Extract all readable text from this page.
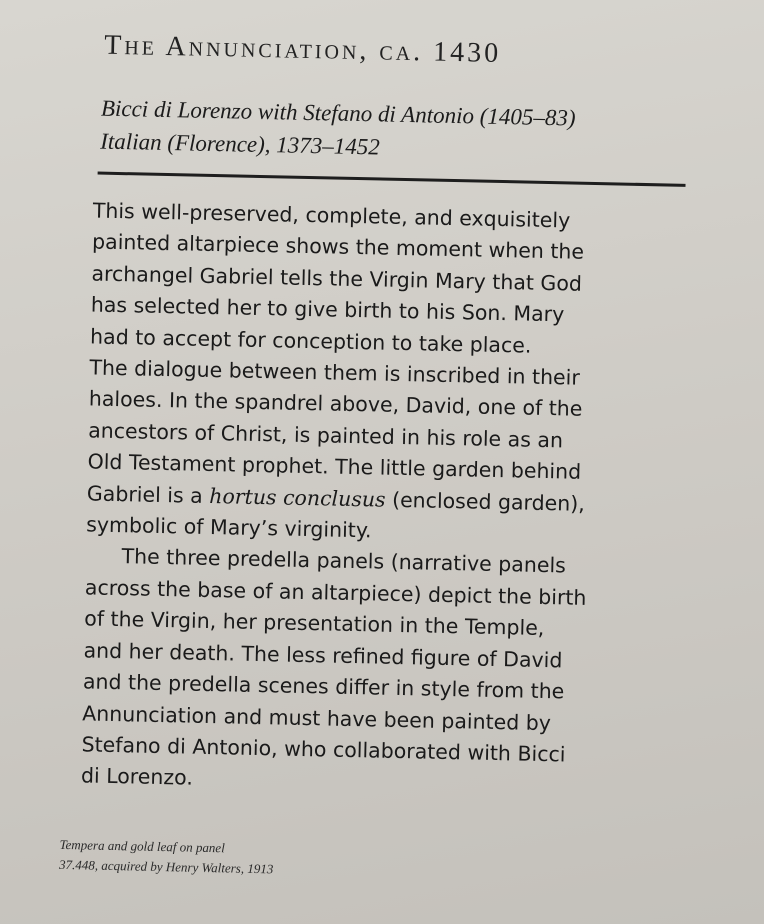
The Annunciation, ca. 1430
Bicci di Lorenzo with Stefano di Antonio (1405–83)
Italian (Florence), 1373–1452
This well-preserved, complete, and exquisitely
painted altarpiece shows the moment when the
archangel Gabriel tells the Virgin Mary that God
has selected her to give birth to his Son. Mary
had to accept for conception to take place.
The dialogue between them is inscribed in their
haloes. In the spandrel above, David, one of the
ancestors of Christ, is painted in his role as an
Old Testament prophet. The little garden behind
Gabriel is a hortus conclusus (enclosed garden),
symbolic of Mary’s virginity.
The three predella panels (narrative panels
across the base of an altarpiece) depict the birth
of the Virgin, her presentation in the Temple,
and her death. The less refined figure of David
and the predella scenes differ in style from the
Annunciation and must have been painted by
Stefano di Antonio, who collaborated with Bicci
di Lorenzo.
Tempera and gold leaf on panel
37.448, acquired by Henry Walters, 1913
